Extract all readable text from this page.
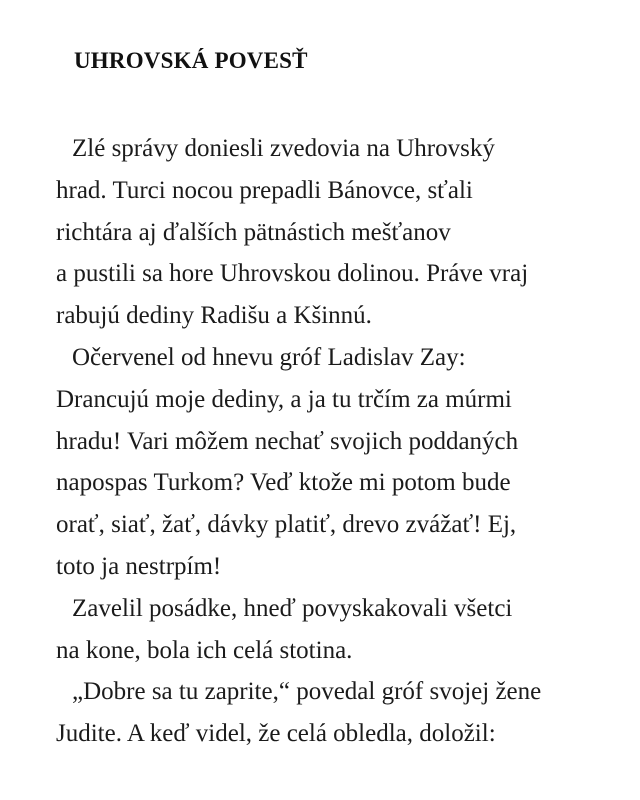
UHROVSKÁ POVESŤ
Zlé správy doniesli zvedovia na Uhrovský
hrad. Turci nocou prepadli Bánovce, sťali
richtára aj ďalších pätnástich mešťanov
a pustili sa hore Uhrovskou dolinou. Práve vraj
rabujú dediny Radišu a Kšinnú.
Očervenel od hnevu gróf Ladislav Zay:
Drancujú moje dediny, a ja tu trčím za múrmi
hradu! Vari môžem nechať svojich poddaných
napospas Turkom? Veď ktože mi potom bude
orať, siať, žať, dávky platiť, drevo zvážať! Ej,
toto ja nestrpím!
Zavelil posádke, hneď povyskakovali všetci
na kone, bola ich celá stotina.
„Dobre sa tu zaprite,“ povedal gróf svojej žene
Judite. A keď videl, že celá obledla, doložil:
